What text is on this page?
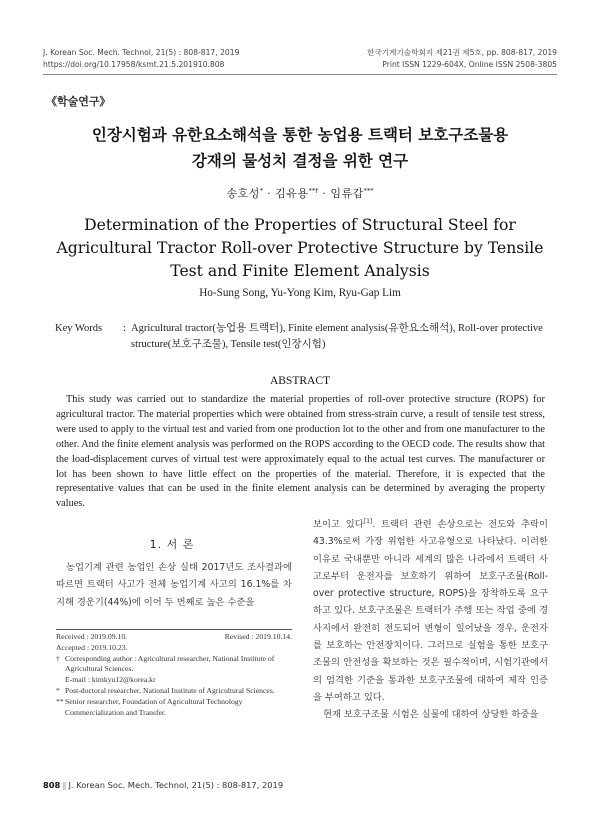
J. Korean Soc. Mech. Technol, 21(5) : 808-817, 2019
https://doi.org/10.17958/ksmt.21.5.201910.808
한국기계기술학회지 제21권 제5호, pp. 808-817, 2019
Print ISSN 1229-604X, Online ISSN 2508-3805
《학술연구》
인장시험과 유한요소해석을 통한 농업용 트랙터 보호구조물용
강재의 물성치 결정을 위한 연구
송호성* · 김유용**† · 임류갑***
Determination of the Properties of Structural Steel for
Agricultural Tractor Roll-over Protective Structure by Tensile
Test and Finite Element Analysis
Ho-Sung Song, Yu-Yong Kim, Ryu-Gap Lim
Key Words	: Agricultural tractor(농업용 트랙터), Finite element analysis(유한요소해석), Roll-over protective structure(보호구조물), Tensile test(인장시험)
ABSTRACT
This study was carried out to standardize the material properties of roll-over protective structure (ROPS) for agricultural tractor. The material properties which were obtained from stress-strain curve, a result of tensile test stress, were used to apply to the virtual test and varied from one production lot to the other and from one manufacturer to the other. And the finite element analysis was performed on the ROPS according to the OECD code. The results show that the load-displacement curves of virtual test were approximately equal to the actual test curves. The manufacturer or lot has been shown to have little effect on the properties of the material. Therefore, it is expected that the representative values that can be used in the finite element analysis can be determined by averaging the property values.
1. 서 론
농업기계 관련 농업인 손상 실태 2017년도 조사결과에 따르면 트랙터 사고가 전체 농업기계 사고의 16.1%를 차지해 경운기(44%)에 이어 두 번째로 높은 수준을
Received : 2019.09.10.	Revised : 2019.10.14.
Accepted : 2019.10.23.
† Corresponding author : Agricultural researcher, National Institute of Agricultural Sciences.
E-mail : kimkyu12@korea.kr
* Post-doctoral researcher, National Institute of Agricultural Sciences.
** Senior researcher, Foundation of Agricultural Technology Commercialization and Transfer.

보이고 있다[1]. 트랙터 관련 손상으로는 전도와 추락이 43.3%로써 가장 위험한 사고유형으로 나타났다. 이러한 이유로 국내뿐만 아니라 세계의 많은 나라에서 트랙터 사고로부터 운전자를 보호하기 위하여 보호구조물(Roll-over protective structure, ROPS)을 장착하도록 요구하고 있다. 보호구조물은 트랙터가 주행 또는 작업 중에 경사지에서 완전히 전도되어 변형이 일어났을 경우, 운전자를 보호하는 안전장치이다. 그러므로 실험을 통한 보호구조물의 안전성을 확보하는 것은 필수적이며, 시험기관에서의 엄격한 기준을 통과한 보호구조물에 대하여 제작 인증을 부여하고 있다.

현재 보호구조물 시험은 실물에 대하여 상당한 하중을

808 ‖ J. Korean Soc. Mech. Technol, 21(5) : 808-817, 2019
